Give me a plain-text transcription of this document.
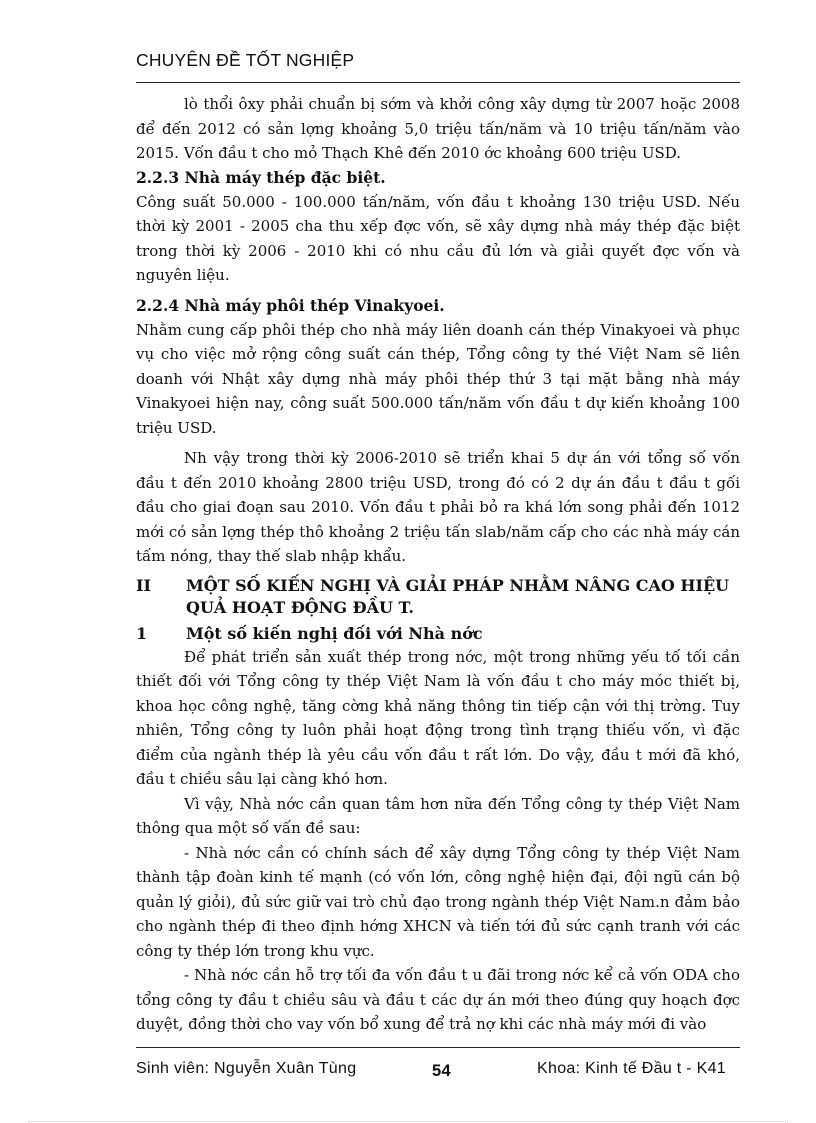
CHUYÊN ĐỀ TỐT NGHIỆP

lò thổi ôxy phải chuẩn bị sớm và khởi công xây dựng từ 2007 hoặc 2008 để đến 2012 có sản lợng khoảng 5,0 triệu tấn/năm và 10 triệu tấn/năm vào 2015. Vốn đầu t cho mỏ Thạch Khê đến 2010 ớc khoảng 600 triệu USD.

2.2.3 Nhà máy thép đặc biệt.

Công suất 50.000 - 100.000 tấn/năm, vốn đầu t khoảng 130 triệu USD. Nếu thời kỳ 2001 - 2005 cha thu xếp đợc vốn, sẽ xây dựng nhà máy thép đặc biệt trong thời kỳ 2006 - 2010 khi có nhu cầu đủ lớn và giải quyết đợc vốn và nguyên liệu.

2.2.4 Nhà máy phôi thép Vinakyoei.

Nhằm cung cấp phôi thép cho nhà máy liên doanh cán thép Vinakyoei và phục vụ cho việc mở rộng công suất cán thép, Tổng công ty thé Việt Nam sẽ liên doanh với Nhật xây dựng nhà máy phôi thép thứ 3 tại mặt bằng nhà máy Vinakyoei hiện nay, công suất 500.000 tấn/năm vốn đầu t dự kiến khoảng 100 triệu USD.

Nh vậy trong thời kỳ 2006-2010 sẽ triển khai 5 dự án với tổng số vốn đầu t đến 2010 khoảng 2800 triệu USD, trong đó có 2 dự án đầu t đầu t gối đầu cho giai đoạn sau 2010. Vốn đầu t phải bỏ ra khá lớn song phải đến 1012 mới có sản lợng thép thô khoảng 2 triệu tấn slab/năm cấp cho các nhà máy cán tấm nóng, thay thế slab nhập khẩu.

II	MỘT SỐ KIẾN NGHỊ VÀ GIẢI PHÁP NHẰM NÂNG CAO HIỆU QUẢ HOẠT ĐỘNG ĐẦU T.
1	Một số kiến nghị đối với Nhà nớc

Để phát triển sản xuất thép trong nớc, một trong những yếu tố tối cần thiết đối với Tổng công ty thép Việt Nam là vốn đầu t cho máy móc thiết bị, khoa học công nghệ, tăng cờng khả năng thông tin tiếp cận với thị trờng. Tuy nhiên, Tổng công ty luôn phải hoạt động trong tình trạng thiếu vốn, vì đặc điểm của ngành thép là yêu cầu vốn đầu t rất lớn. Do vậy, đầu t mới đã khó, đầu t chiều sâu lại càng khó hơn.

Vì vậy, Nhà nớc cần quan tâm hơn nữa đến Tổng công ty thép Việt Nam thông qua một số vấn đề sau:

- Nhà nớc cần có chính sách để xây dựng Tổng công ty thép Việt Nam thành tập đoàn kinh tế mạnh (có vốn lớn, công nghệ hiện đại, đội ngũ cán bộ quản lý giỏi), đủ sức giữ vai trò chủ đạo trong ngành thép Việt Nam.n đảm bảo cho ngành thép đi theo định hớng XHCN và tiến tới đủ sức cạnh tranh với các công ty thép lớn trong khu vực.

- Nhà nớc cần hỗ trợ tối đa vốn đầu t u đãi trong nớc kể cả vốn ODA cho tổng công ty đầu t chiều sâu và đầu t các dự án mới theo đúng quy hoạch đợc duyệt, đồng thời cho vay vốn bổ xung để trả nợ khi các nhà máy mới đi vào

Sinh viên: Nguyễn Xuân Tùng	54	Khoa: Kinh tế Đầu t - K41
